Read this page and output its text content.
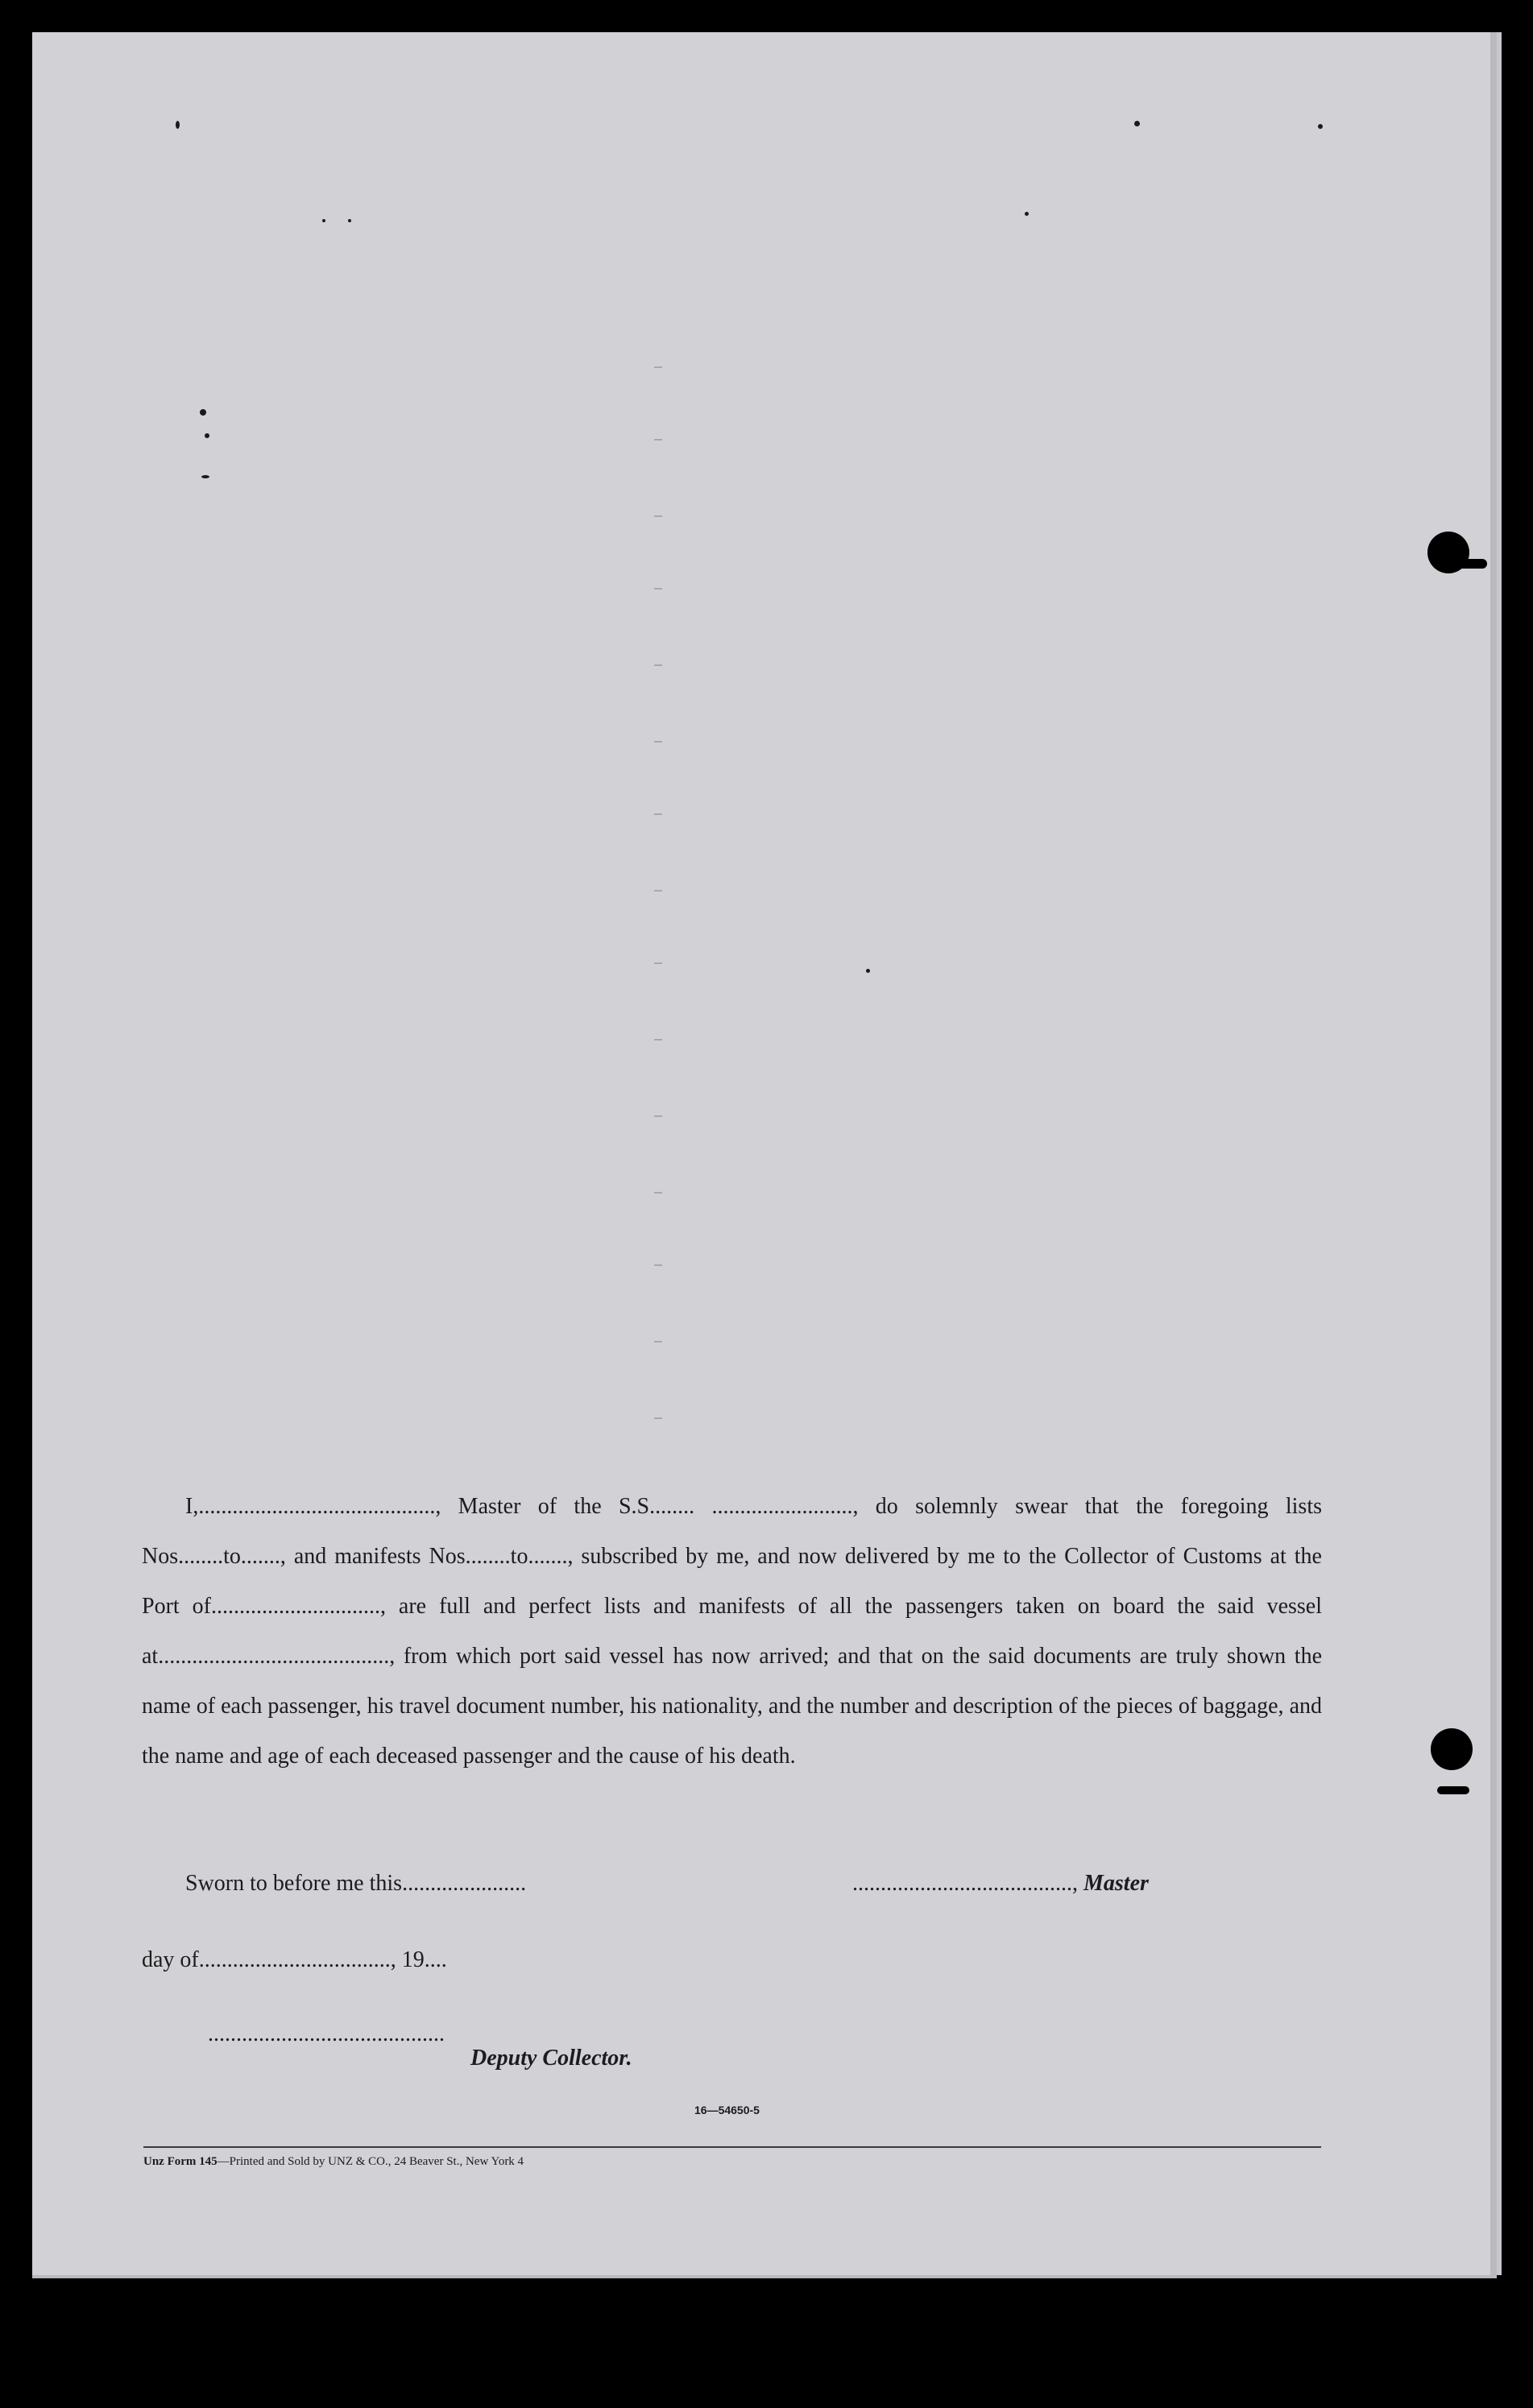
I,.........................................., Master of the S.S........ ........................., do solemnly swear that the foregoing lists Nos........to......., and manifests Nos........to......., subscribed by me, and now delivered by me to the Collector of Customs at the Port of.............................., are full and perfect lists and manifests of all the passengers taken on board the said vessel at........................................., from which port said vessel has now arrived; and that on the said documents are truly shown the name of each passenger, his travel document number, his nationality, and the number and description of the pieces of baggage, and the name and age of each deceased passenger and the cause of his death.

Sworn to before me this......................	......................................., Master
day of.................................., 19....
..........................................
Deputy Collector.
16—54650-5
Unz Form 145—Printed and Sold by UNZ & CO., 24 Beaver St., New York 4
